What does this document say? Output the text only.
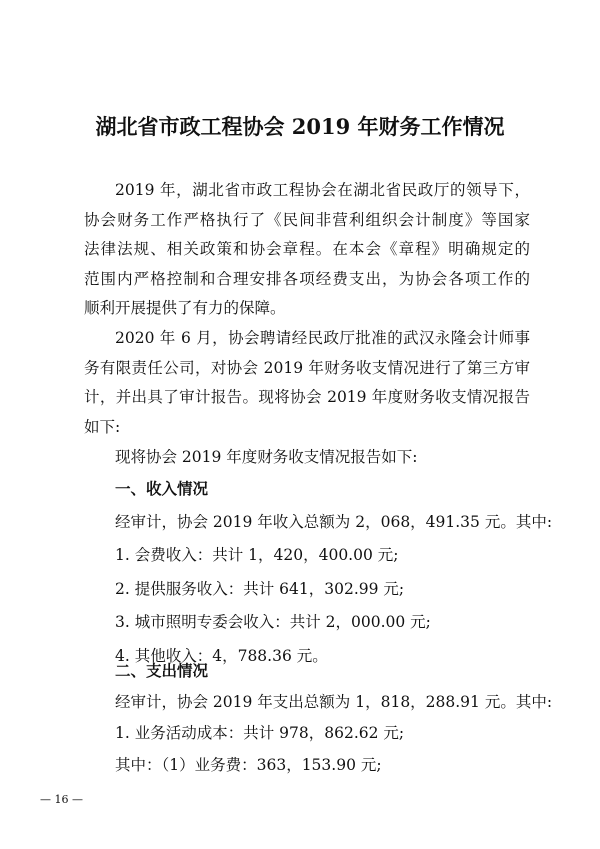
湖北省市政工程协会 2019 年财务工作情况
2019 年，湖北省市政工程协会在湖北省民政厅的领导下，
协会财务工作严格执行了《民间非营利组织会计制度》等国家
法律法规、相关政策和协会章程。在本会《章程》明确规定的
范围内严格控制和合理安排各项经费支出，为协会各项工作的
顺利开展提供了有力的保障。
2020 年 6 月，协会聘请经民政厅批准的武汉永隆会计师事
务有限责任公司，对协会 2019 年财务收支情况进行了第三方审
计，并出具了审计报告。现将协会 2019 年度财务收支情况报告
如下:
现将协会 2019 年度财务收支情况报告如下:
一、收入情况
经审计，协会 2019 年收入总额为 2，068，491.35 元。其中:
1. 会费收入：共计 1，420，400.00 元;
2. 提供服务收入：共计 641，302.99 元;
3. 城市照明专委会收入：共计 2，000.00 元;
4. 其他收入：4，788.36 元。
二、支出情况
经审计，协会 2019 年支出总额为 1，818，288.91 元。其中:
1. 业务活动成本：共计 978，862.62 元;
其中：（1）业务费：363，153.90 元;
— 16 —
